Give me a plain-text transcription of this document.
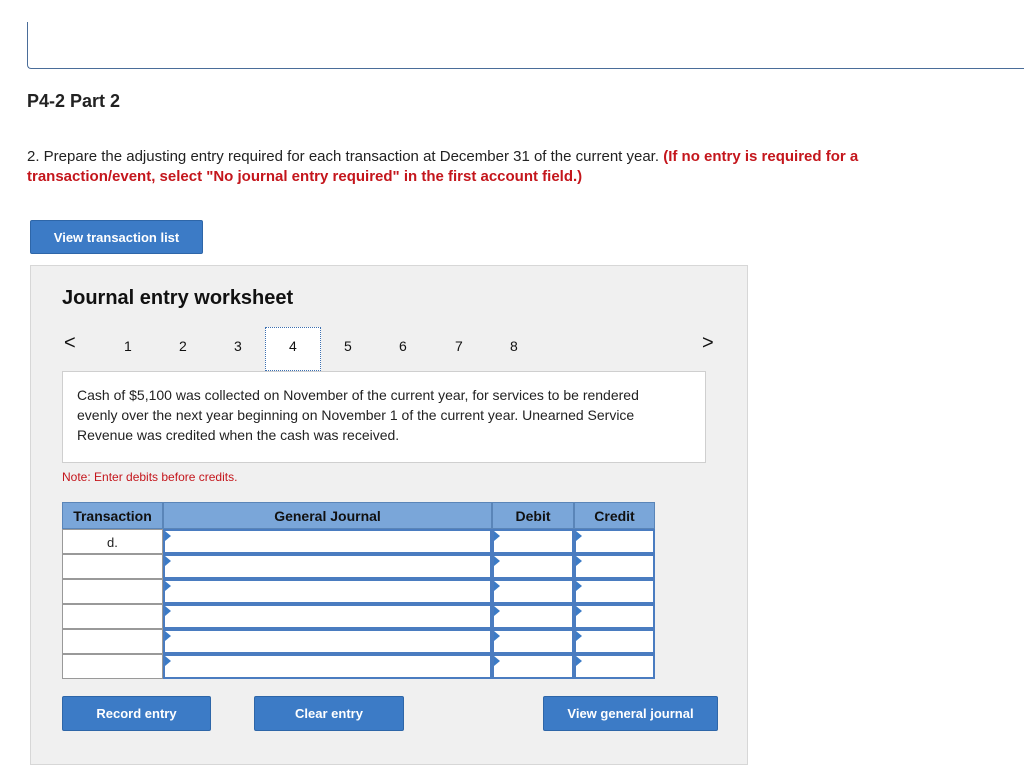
P4-2 Part 2
2. Prepare the adjusting entry required for each transaction at December 31 of the current year. (If no entry is required for a transaction/event, select "No journal entry required" in the first account field.)
View transaction list
Journal entry worksheet
<	>
1	2	3	4	5	6	7	8
Cash of $5,100 was collected on November of the current year, for services to be rendered evenly over the next year beginning on November 1 of the current year. Unearned Service Revenue was credited when the cash was received.
Note: Enter debits before credits.
Transaction	General Journal	Debit	Credit
d.
Record entry	Clear entry	View general journal
